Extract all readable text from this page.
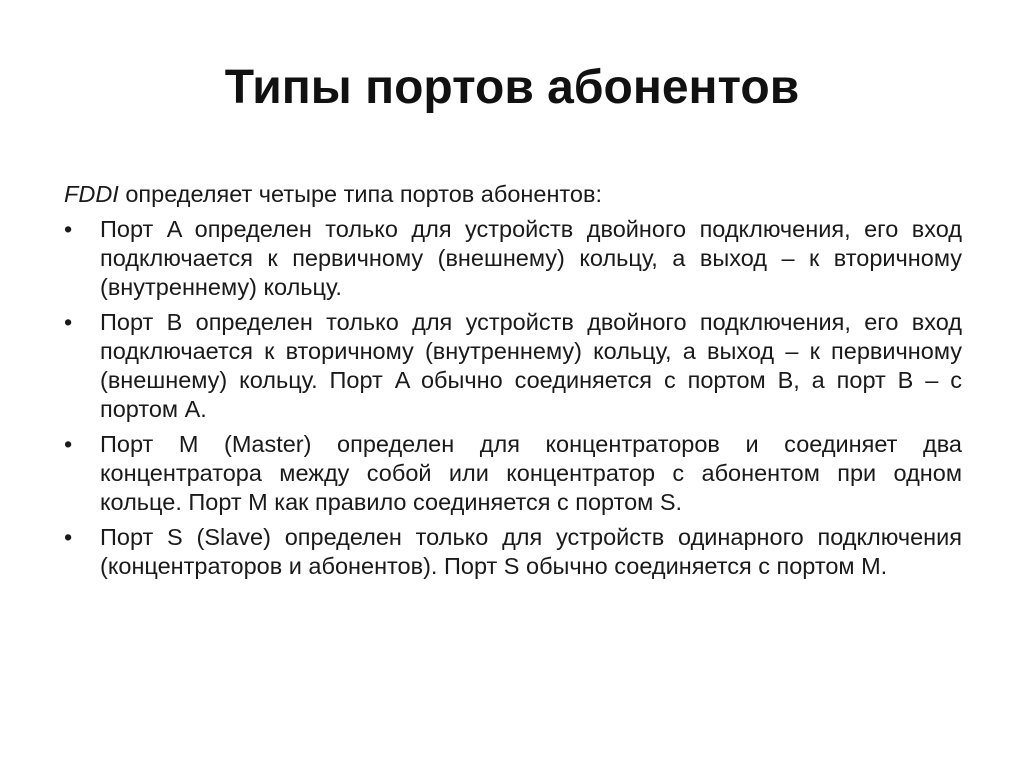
Типы портов абонентов

FDDI определяет четыре типа портов абонентов:

•	Порт A определен только для устройств двойного подключения, его вход подключается к первичному (внешнему) кольцу, а выход – к вторичному (внутреннему) кольцу.
•	Порт B определен только для устройств двойного подключения, его вход подключается к вторичному (внутреннему) кольцу, а выход – к первичному (внешнему) кольцу. Порт A обычно соединяется с портом B, а порт B – с портом A.
•	Порт M (Master) определен для концентраторов и соединяет два концентратора между собой или концентратор с абонентом при одном кольце. Порт M как правило соединяется с портом S.
•	Порт S (Slave) определен только для устройств одинарного подключения (концентраторов и абонентов). Порт S обычно соединяется с портом M.
